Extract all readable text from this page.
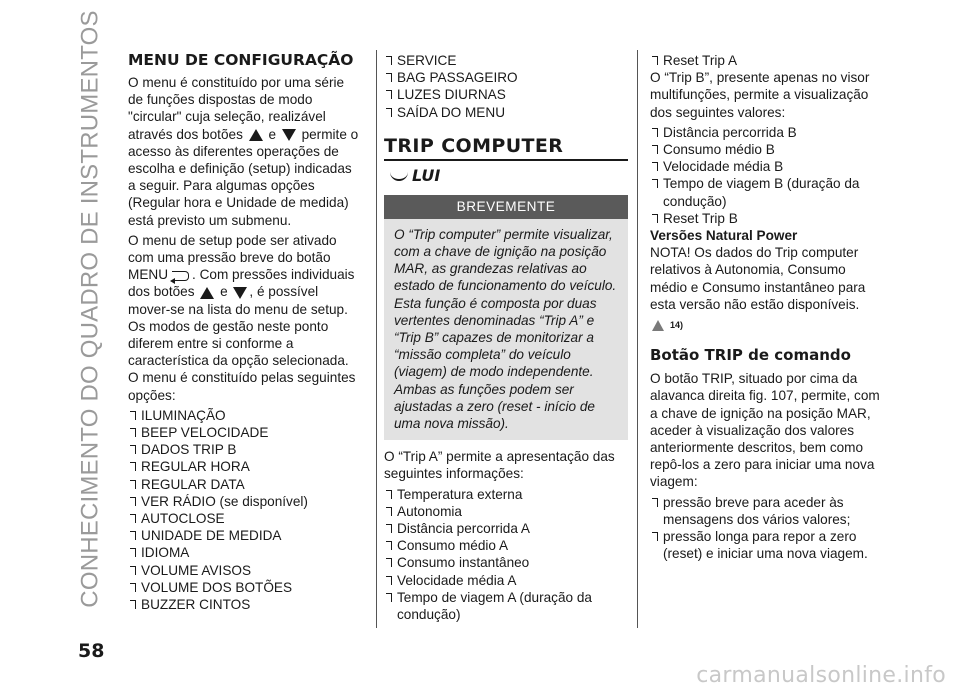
CONHECIMENTO DO QUADRO DE INSTRUMENTOS
58
carmanualsonline.info
MENU DE CONFIGURAÇÃO

O menu é constituído por uma série de funções dispostas de modo "circular" cuja seleção, realizável através dos botões e permite o acesso às diferentes operações de escolha e definição (setup) indicadas a seguir. Para algumas opções (Regular hora e Unidade de medida) está previsto um submenu.

O menu de setup pode ser ativado com uma pressão breve do botão MENU . Com pressões individuais dos botões e , é possível mover-se na lista do menu de setup. Os modos de gestão neste ponto diferem entre si conforme a característica da opção selecionada. O menu é constituído pelas seguintes opções:

ILUMINAÇÃO
BEEP VELOCIDADE
DADOS TRIP B
REGULAR HORA
REGULAR DATA
VER RÁDIO (se disponível)
AUTOCLOSE
UNIDADE DE MEDIDA
IDIOMA
VOLUME AVISOS
VOLUME DOS BOTÕES
BUZZER CINTOS
SERVICE
BAG PASSAGEIRO
LUZES DIURNAS
SAÍDA DO MENU
TRIP COMPUTER
LUI
BREVEMENTE
O “Trip computer” permite visualizar, com a chave de ignição na posição MAR, as grandezas relativas ao estado de funcionamento do veículo. Esta função é composta por duas vertentes denominadas “Trip A” e “Trip B” capazes de monitorizar a “missão completa” do veículo (viagem) de modo independente. Ambas as funções podem ser ajustadas a zero (reset - início de uma nova missão).

O “Trip A” permite a apresentação das seguintes informações:

Temperatura externa
Autonomia
Distância percorrida A
Consumo médio A
Consumo instantâneo
Velocidade média A
Tempo de viagem A (duração da condução)
Reset Trip A

O “Trip B”, presente apenas no visor multifunções, permite a visualização dos seguintes valores:

Distância percorrida B
Consumo médio B
Velocidade média B
Tempo de viagem B (duração da condução)
Reset Trip B
Versões Natural Power

NOTA! Os dados do Trip computer relativos à Autonomia, Consumo médio e Consumo instantâneo para esta versão não estão disponíveis.

14)
Botão TRIP de comando

O botão TRIP, situado por cima da alavanca direita fig. 107, permite, com a chave de ignição na posição MAR, aceder à visualização dos valores anteriormente descritos, bem como repô-los a zero para iniciar uma nova viagem:

pressão breve para aceder às mensagens dos vários valores;
pressão longa para repor a zero (reset) e iniciar uma nova viagem.
